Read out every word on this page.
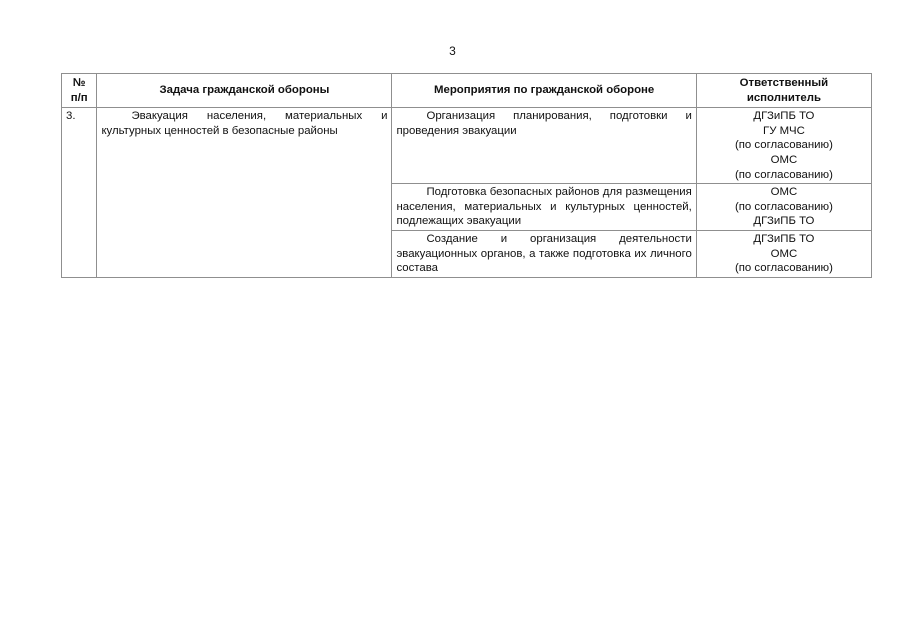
3
№ п/п	Задача гражданской обороны	Мероприятия по гражданской обороне	Ответственный исполнитель
3.	Эвакуация населения, материальных и культурных ценностей в безопасные районы	Организация планирования, подготовки и проведения эвакуации	ДГЗиПБ ТО
ГУ МЧС
(по согласованию)
ОМС
(по согласованию)

		Подготовка безопасных районов для размещения населения, материальных и культурных ценностей, подлежащих эвакуации	ОМС
(по согласованию)
ДГЗиПБ ТО

		Создание и организация деятельности эвакуационных органов, а также подготовка их личного состава	ДГЗиПБ ТО
ОМС
(по согласованию)
